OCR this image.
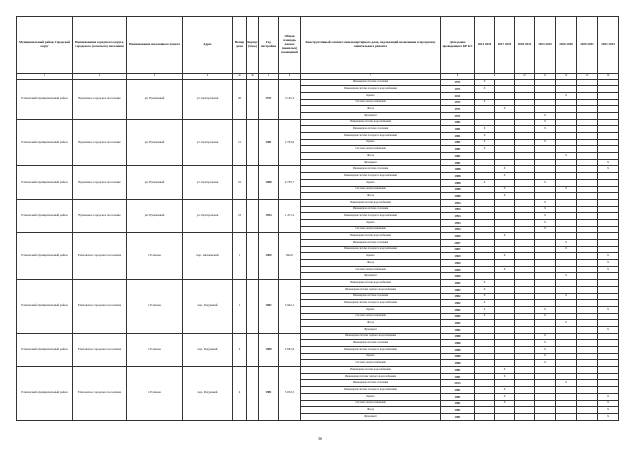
Муниципальный район, Городской округ	Наименование городского округа, городского (сельского) поселения	Наименование населенного пункта	Адрес	Номер дома	Корпус (блок)	Год постройки	Общая площадь жилых (нежилых) помещений	Конструктивный элемент многоквартирного дома, подлежащий включению в программу капитального ремонта	Дата ранее проведенного КР КЭ	2014 2016	2017 2019	2020 2022	2023 2025	2026 2028	2029 2031	2032 2034
1	2	3	4	4а	4б	5	6	7	8	9		10	11	12	13	14
Елизовский муниципальный район	Вулканное городское поселение	рп. Вулканный	ул. Центральная	20		1971	3 145,3	Инженерная система отопления	1971	X						
								Инженерная система холодного водоснабжения	1971	X						
								Крыша	2011					X		
								Система электроснабжения	1971	X						
								Фасад	1971		X					
								Фундамент	1971				X			
Елизовский муниципальный район	Вулканное городское поселение	рп. Вулканный	ул. Центральная	21		1981	2 793,6	Инженерная система водоснабжения	1981				X			
								Инженерная система отопления	1981	X			X			
								Инженерная система холодного водоснабжения	1981	X						
								Крыша	1981	X			X			
								Система электроснабжения	1981	X						
								Фасад	1981					X		
								Фундамент	1981							X
Елизовский муниципальный район	Вулканное городское поселение	рп. Вулканный	ул. Центральная	22		1988	4 705,7	Инженерная система отопления	1988		X					X
								Инженерная система холодного водоснабжения	1988		X					
								Крыша	1988	X			X			
								Система электроснабжения	1988		X			X		
								Фасад	1988		X					
Елизовский муниципальный район	Вулканное городское поселение	рп. Вулканный	ул. Центральная	23		1994	1 471,2	Инженерная система водоснабжения	1994				X			
								Инженерная система отопления	1994				X			
								Инженерная система холодного водоснабжения	1994				X			
								Крыша	1994				X			
								Система электроснабжения	1994				X			
Елизовский муниципальный район	Елизовское городское поселение	г. Елизово	пер. Авачинский	1		1969	962,0	Инженерная система водоснабжения	1969		X					
								Инженерная система отопления	2007					X		
								Инженерная система холодного водоснабжения	2007					X		
								Крыша	1969		X					X
								Фасад	1969							X
								Система электроснабжения	1969		X					X
								Фундамент	1969					X		
Елизовский муниципальный район	Елизовское городское поселение	г. Елизово	пер. Радужный	1		1982	5 942,1	Инженерная система водоснабжения	1982	X						
								Инженерная система горячего водоснабжения	1982	X						
								Инженерная система отопления	1982	X				X		
								Инженерная система холодного водоснабжения	1982	X						
								Крыша	1982	X			X			X
								Система электроснабжения	1982	X			X			
								Фасад	1982					X		
								Фундамент	1982							X
Елизовский муниципальный район	Елизовское городское поселение	г. Елизово	пер. Радужный	2		1980	2 681,9	Инженерная система горячего водоснабжения	1980				X			
								Инженерная система отопления	1980				X			
								Инженерная система холодного водоснабжения	1980				X			
								Крыша	1980				X			
								Система электроснабжения	1980				X			
Елизовский муниципальный район	Елизовское городское поселение	г. Елизово	пер. Радужный	4		1981	5 032,5	Инженерная система водоснабжения	1981		X					
								Инженерная система горячего водоснабжения	1981		X					
								Инженерная система отопления	2013					X		
								Инженерная система холодного водоснабжения	1981		X					
								Крыша	1981		X					X
								Система электроснабжения	1981		X					X
								Фасад	1981							X
								Фундамент	1981							X
36
